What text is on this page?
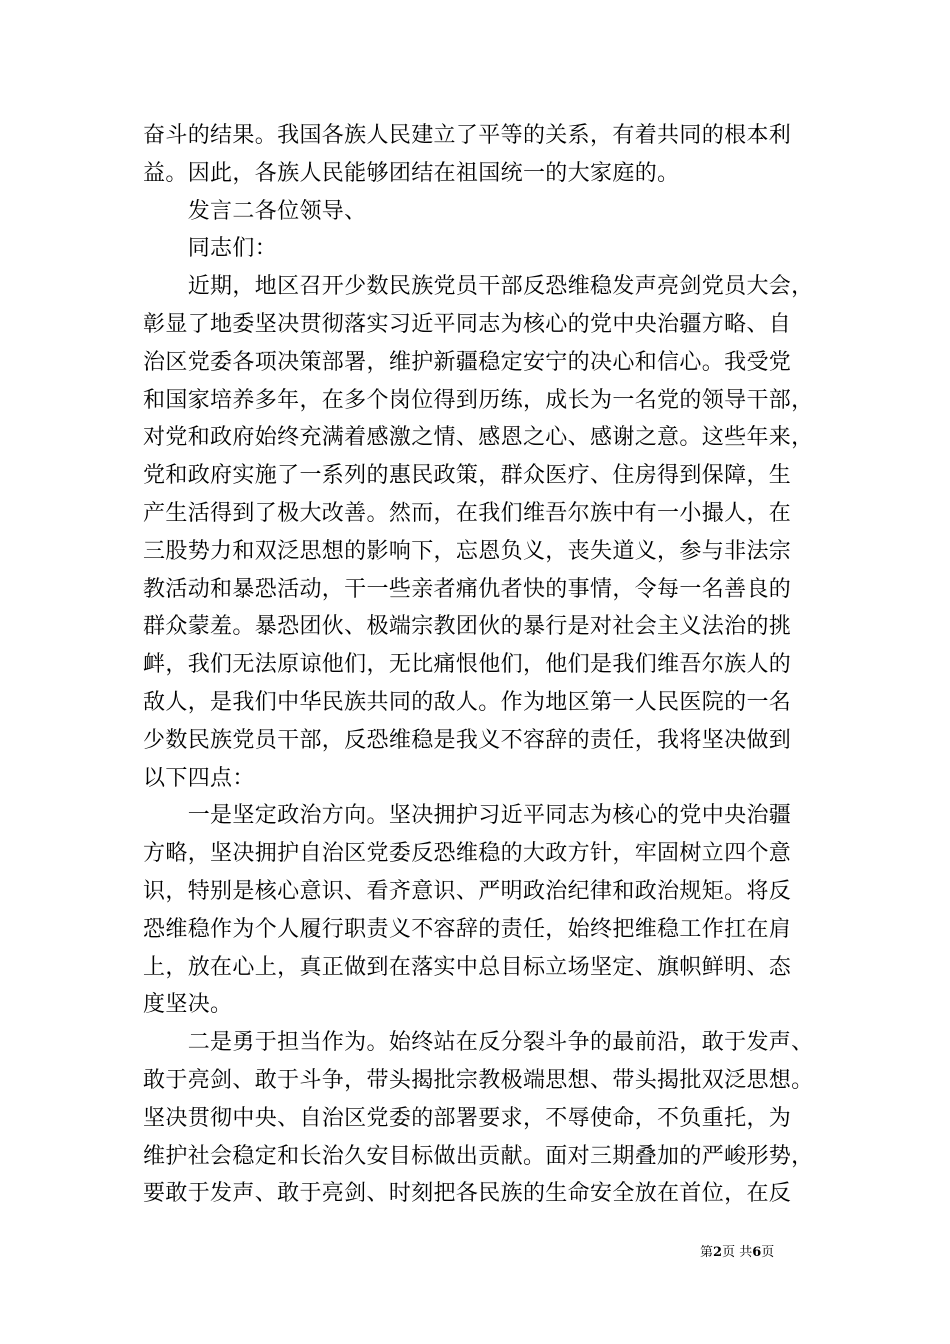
奋斗的结果。我国各族人民建立了平等的关系，有着共同的根本利
益。因此，各族人民能够团结在祖国统一的大家庭的。
　　发言二各位领导、
　　同志们：
　　近期，地区召开少数民族党员干部反恐维稳发声亮剑党员大会，
彰显了地委坚决贯彻落实习近平同志为核心的党中央治疆方略、自
治区党委各项决策部署，维护新疆稳定安宁的决心和信心。我受党
和国家培养多年，在多个岗位得到历练，成长为一名党的领导干部，
对党和政府始终充满着感激之情、感恩之心、感谢之意。这些年来，
党和政府实施了一系列的惠民政策，群众医疗、住房得到保障，生
产生活得到了极大改善。然而，在我们维吾尔族中有一小撮人，在
三股势力和双泛思想的影响下，忘恩负义，丧失道义，参与非法宗
教活动和暴恐活动，干一些亲者痛仇者快的事情，令每一名善良的
群众蒙羞。暴恐团伙、极端宗教团伙的暴行是对社会主义法治的挑
衅，我们无法原谅他们，无比痛恨他们，他们是我们维吾尔族人的
敌人，是我们中华民族共同的敌人。作为地区第一人民医院的一名
少数民族党员干部，反恐维稳是我义不容辞的责任，我将坚决做到
以下四点：
　　一是坚定政治方向。坚决拥护习近平同志为核心的党中央治疆
方略，坚决拥护自治区党委反恐维稳的大政方针，牢固树立四个意
识，特别是核心意识、看齐意识、严明政治纪律和政治规矩。将反
恐维稳作为个人履行职责义不容辞的责任，始终把维稳工作扛在肩
上，放在心上，真正做到在落实中总目标立场坚定、旗帜鲜明、态
度坚决。
　　二是勇于担当作为。始终站在反分裂斗争的最前沿，敢于发声、
敢于亮剑、敢于斗争，带头揭批宗教极端思想、带头揭批双泛思想。
坚决贯彻中央、自治区党委的部署要求，不辱使命，不负重托，为
维护社会稳定和长治久安目标做出贡献。面对三期叠加的严峻形势，
要敢于发声、敢于亮剑、时刻把各民族的生命安全放在首位，在反
第2页 共6页
